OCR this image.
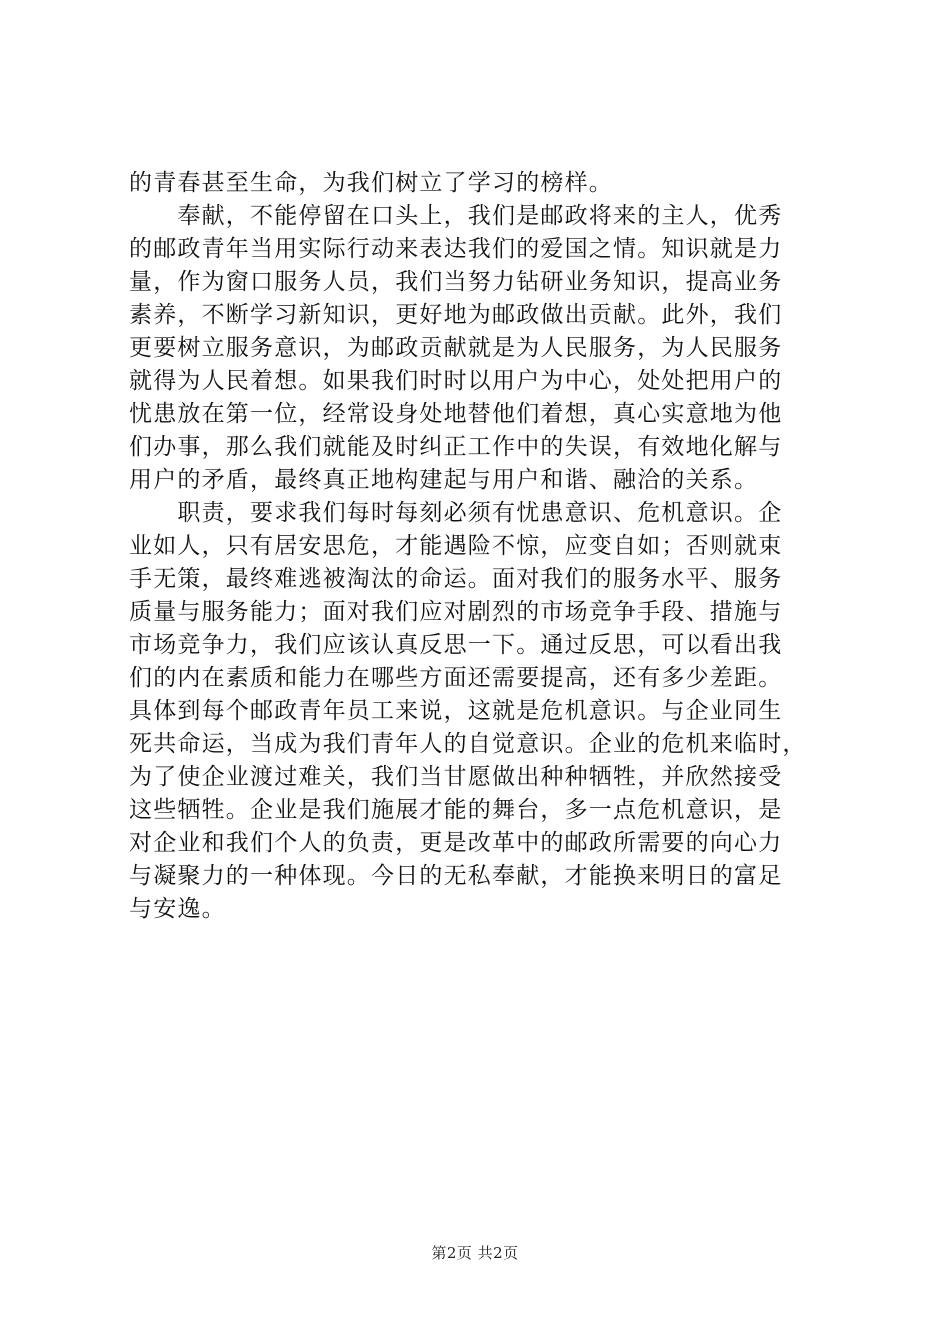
的青春甚至生命，为我们树立了学习的榜样。
　　奉献，不能停留在口头上，我们是邮政将来的主人，优秀
的邮政青年当用实际行动来表达我们的爱国之情。知识就是力
量，作为窗口服务人员，我们当努力钻研业务知识，提高业务
素养，不断学习新知识，更好地为邮政做出贡献。此外，我们
更要树立服务意识，为邮政贡献就是为人民服务，为人民服务
就得为人民着想。如果我们时时以用户为中心，处处把用户的
忧患放在第一位，经常设身处地替他们着想，真心实意地为他
们办事，那么我们就能及时纠正工作中的失误，有效地化解与
用户的矛盾，最终真正地构建起与用户和谐、融洽的关系。
　　职责，要求我们每时每刻必须有忧患意识、危机意识。企
业如人，只有居安思危，才能遇险不惊，应变自如；否则就束
手无策，最终难逃被淘汰的命运。面对我们的服务水平、服务
质量与服务能力；面对我们应对剧烈的市场竞争手段、措施与
市场竞争力，我们应该认真反思一下。通过反思，可以看出我
们的内在素质和能力在哪些方面还需要提高，还有多少差距。
具体到每个邮政青年员工来说，这就是危机意识。与企业同生
死共命运，当成为我们青年人的自觉意识。企业的危机来临时，
为了使企业渡过难关，我们当甘愿做出种种牺牲，并欣然接受
这些牺牲。企业是我们施展才能的舞台，多一点危机意识，是
对企业和我们个人的负责，更是改革中的邮政所需要的向心力
与凝聚力的一种体现。今日的无私奉献，才能换来明日的富足
与安逸。
第2页 共2页
